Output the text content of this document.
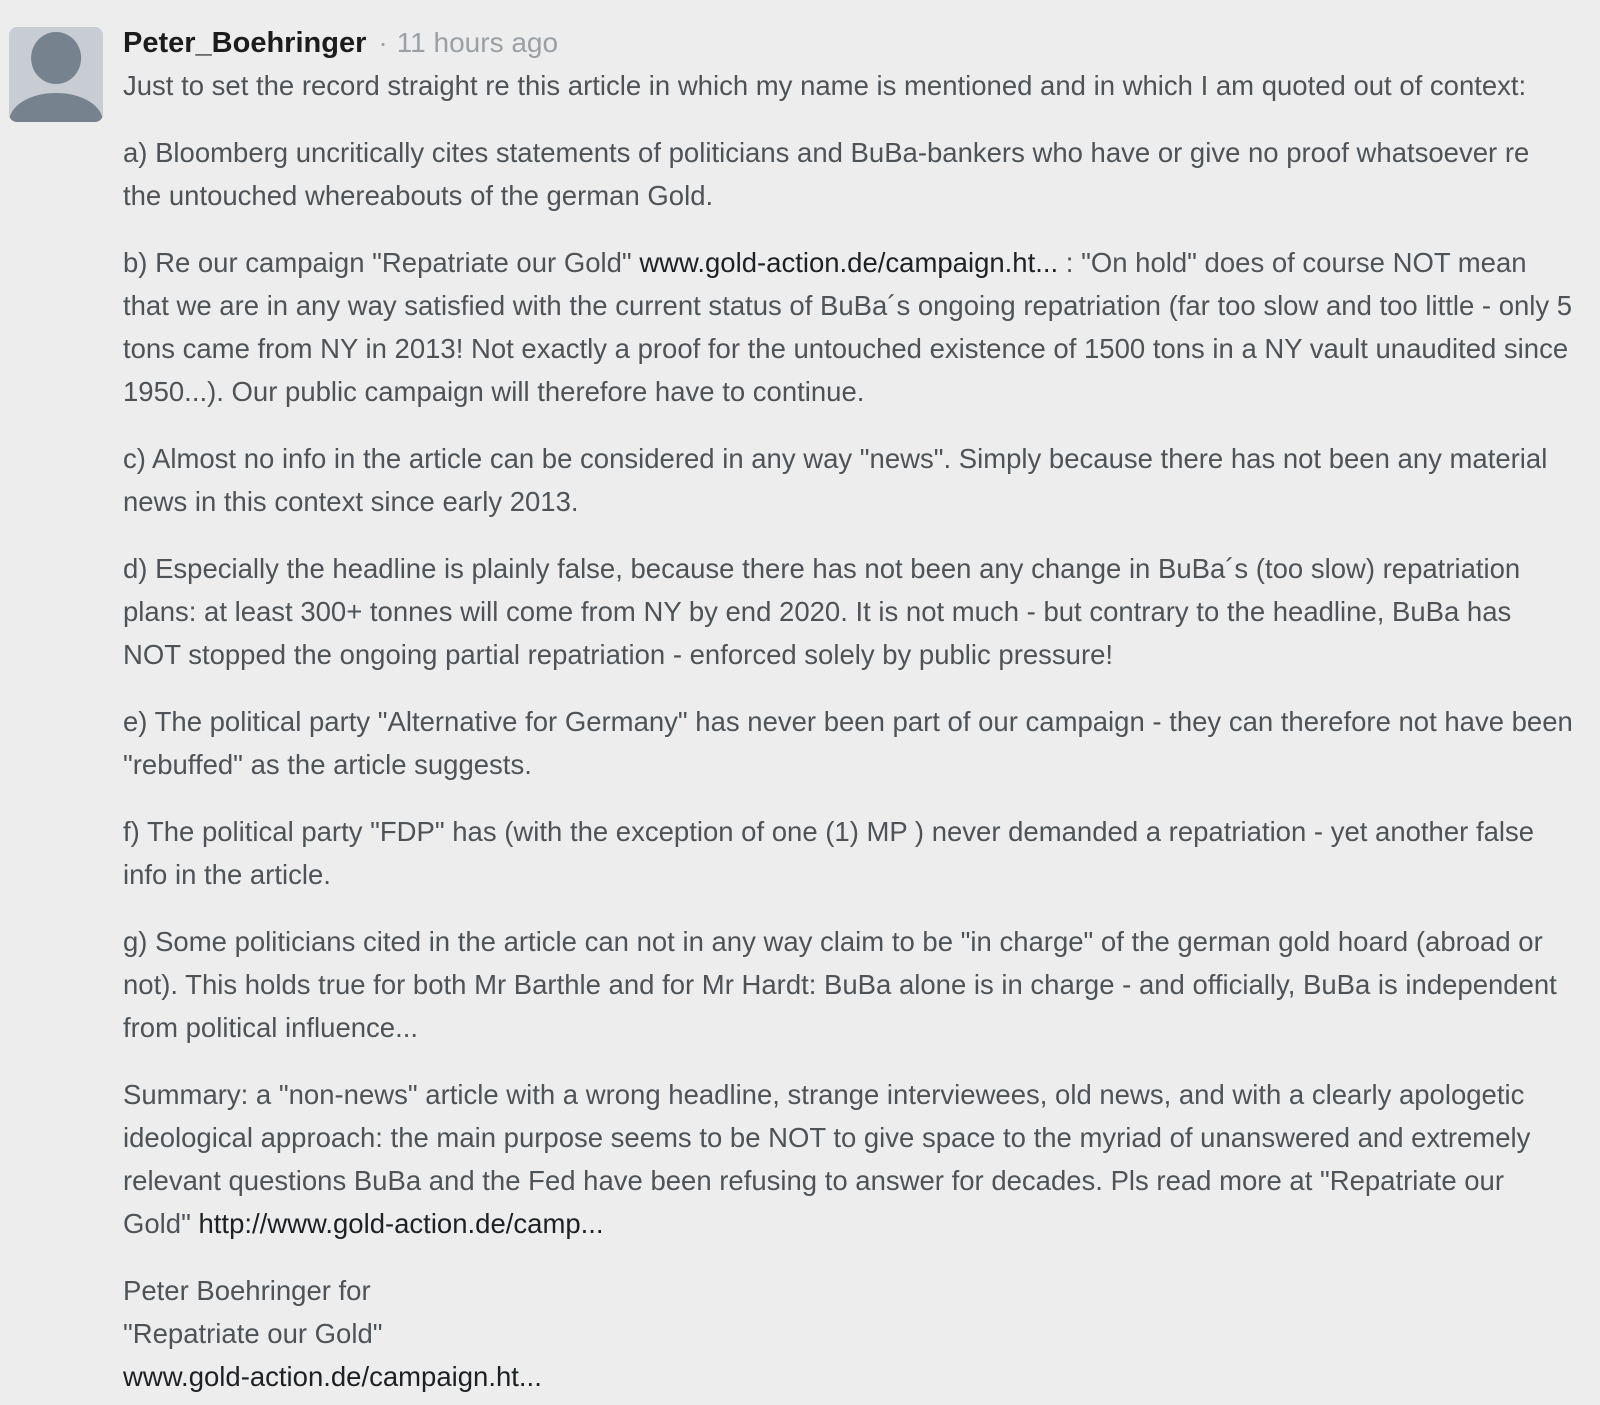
Peter_Boehringer · 11 hours ago

Just to set the record straight re this article in which my name is mentioned and in which I am quoted out of context:

a) Bloomberg uncritically cites statements of politicians and BuBa-bankers who have or give no proof whatsoever re the untouched whereabouts of the german Gold.

b) Re our campaign "Repatriate our Gold" www.gold-action.de/campaign.ht... : "On hold" does of course NOT mean that we are in any way satisfied with the current status of BuBa´s ongoing repatriation (far too slow and too little - only 5 tons came from NY in 2013! Not exactly a proof for the untouched existence of 1500 tons in a NY vault unaudited since 1950...). Our public campaign will therefore have to continue.

c) Almost no info in the article can be considered in any way "news". Simply because there has not been any material news in this context since early 2013.

d) Especially the headline is plainly false, because there has not been any change in BuBa´s (too slow) repatriation plans: at least 300+ tonnes will come from NY by end 2020. It is not much - but contrary to the headline, BuBa has NOT stopped the ongoing partial repatriation - enforced solely by public pressure!

e) The political party "Alternative for Germany" has never been part of our campaign - they can therefore not have been "rebuffed" as the article suggests.

f) The political party "FDP" has (with the exception of one (1) MP ) never demanded a repatriation - yet another false info in the article.

g) Some politicians cited in the article can not in any way claim to be "in charge" of the german gold hoard (abroad or not). This holds true for both Mr Barthle and for Mr Hardt: BuBa alone is in charge - and officially, BuBa is independent from political influence...

Summary: a "non-news" article with a wrong headline, strange interviewees, old news, and with a clearly apologetic ideological approach: the main purpose seems to be NOT to give space to the myriad of unanswered and extremely relevant questions BuBa and the Fed have been refusing to answer for decades. Pls read more at "Repatriate our Gold" http://www.gold-action.de/camp...

Peter Boehringer for
"Repatriate our Gold"
www.gold-action.de/campaign.ht...
